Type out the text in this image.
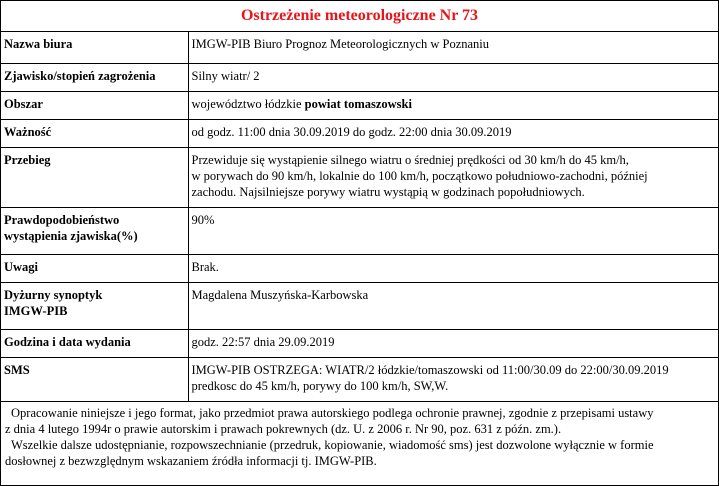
Ostrzeżenie meteorologiczne Nr 73
Nazwa biura	IMGW-PIB Biuro Prognoz Meteorologicznych w Poznaniu
Zjawisko/stopień zagrożenia	Silny wiatr/ 2
Obszar	województwo łódzkie powiat tomaszowski
Ważność	od godz. 11:00 dnia 30.09.2019 do godz. 22:00 dnia 30.09.2019
Przebieg	Przewiduje się wystąpienie silnego wiatru o średniej prędkości od 30 km/h do 45 km/h,
w porywach do 90 km/h, lokalnie do 100 km/h, początkowo południowo-zachodni, później
zachodu. Najsilniejsze porywy wiatru wystąpią w godzinach popołudniowych.

Prawdopodobieństwo
wystąpienia zjawiska(%)	90%
Uwagi	Brak.

Dyżurny synoptyk
IMGW-PIB	Magdalena Muszyńska-Karbowska
Godzina i data wydania	godz. 22:57 dnia 29.09.2019
SMS	IMGW-PIB OSTRZEGA: WIATR/2 łódzkie/tomaszowski od 11:00/30.09 do 22:00/30.09.2019
predkosc do 45 km/h, porywy do 100 km/h, SW,W.

Opracowanie niniejsze i jego format, jako przedmiot prawa autorskiego podlega ochronie prawnej, zgodnie z przepisami ustawy
z dnia 4 lutego 1994r o prawie autorskim i prawach pokrewnych (dz. U. z 2006 r. Nr 90, poz. 631 z późn. zm.).

Wszelkie dalsze udostępnianie, rozpowszechnianie (przedruk, kopiowanie, wiadomość sms) jest dozwolone wyłącznie w formie
dosłownej z bezwzględnym wskazaniem źródła informacji tj. IMGW-PIB.
